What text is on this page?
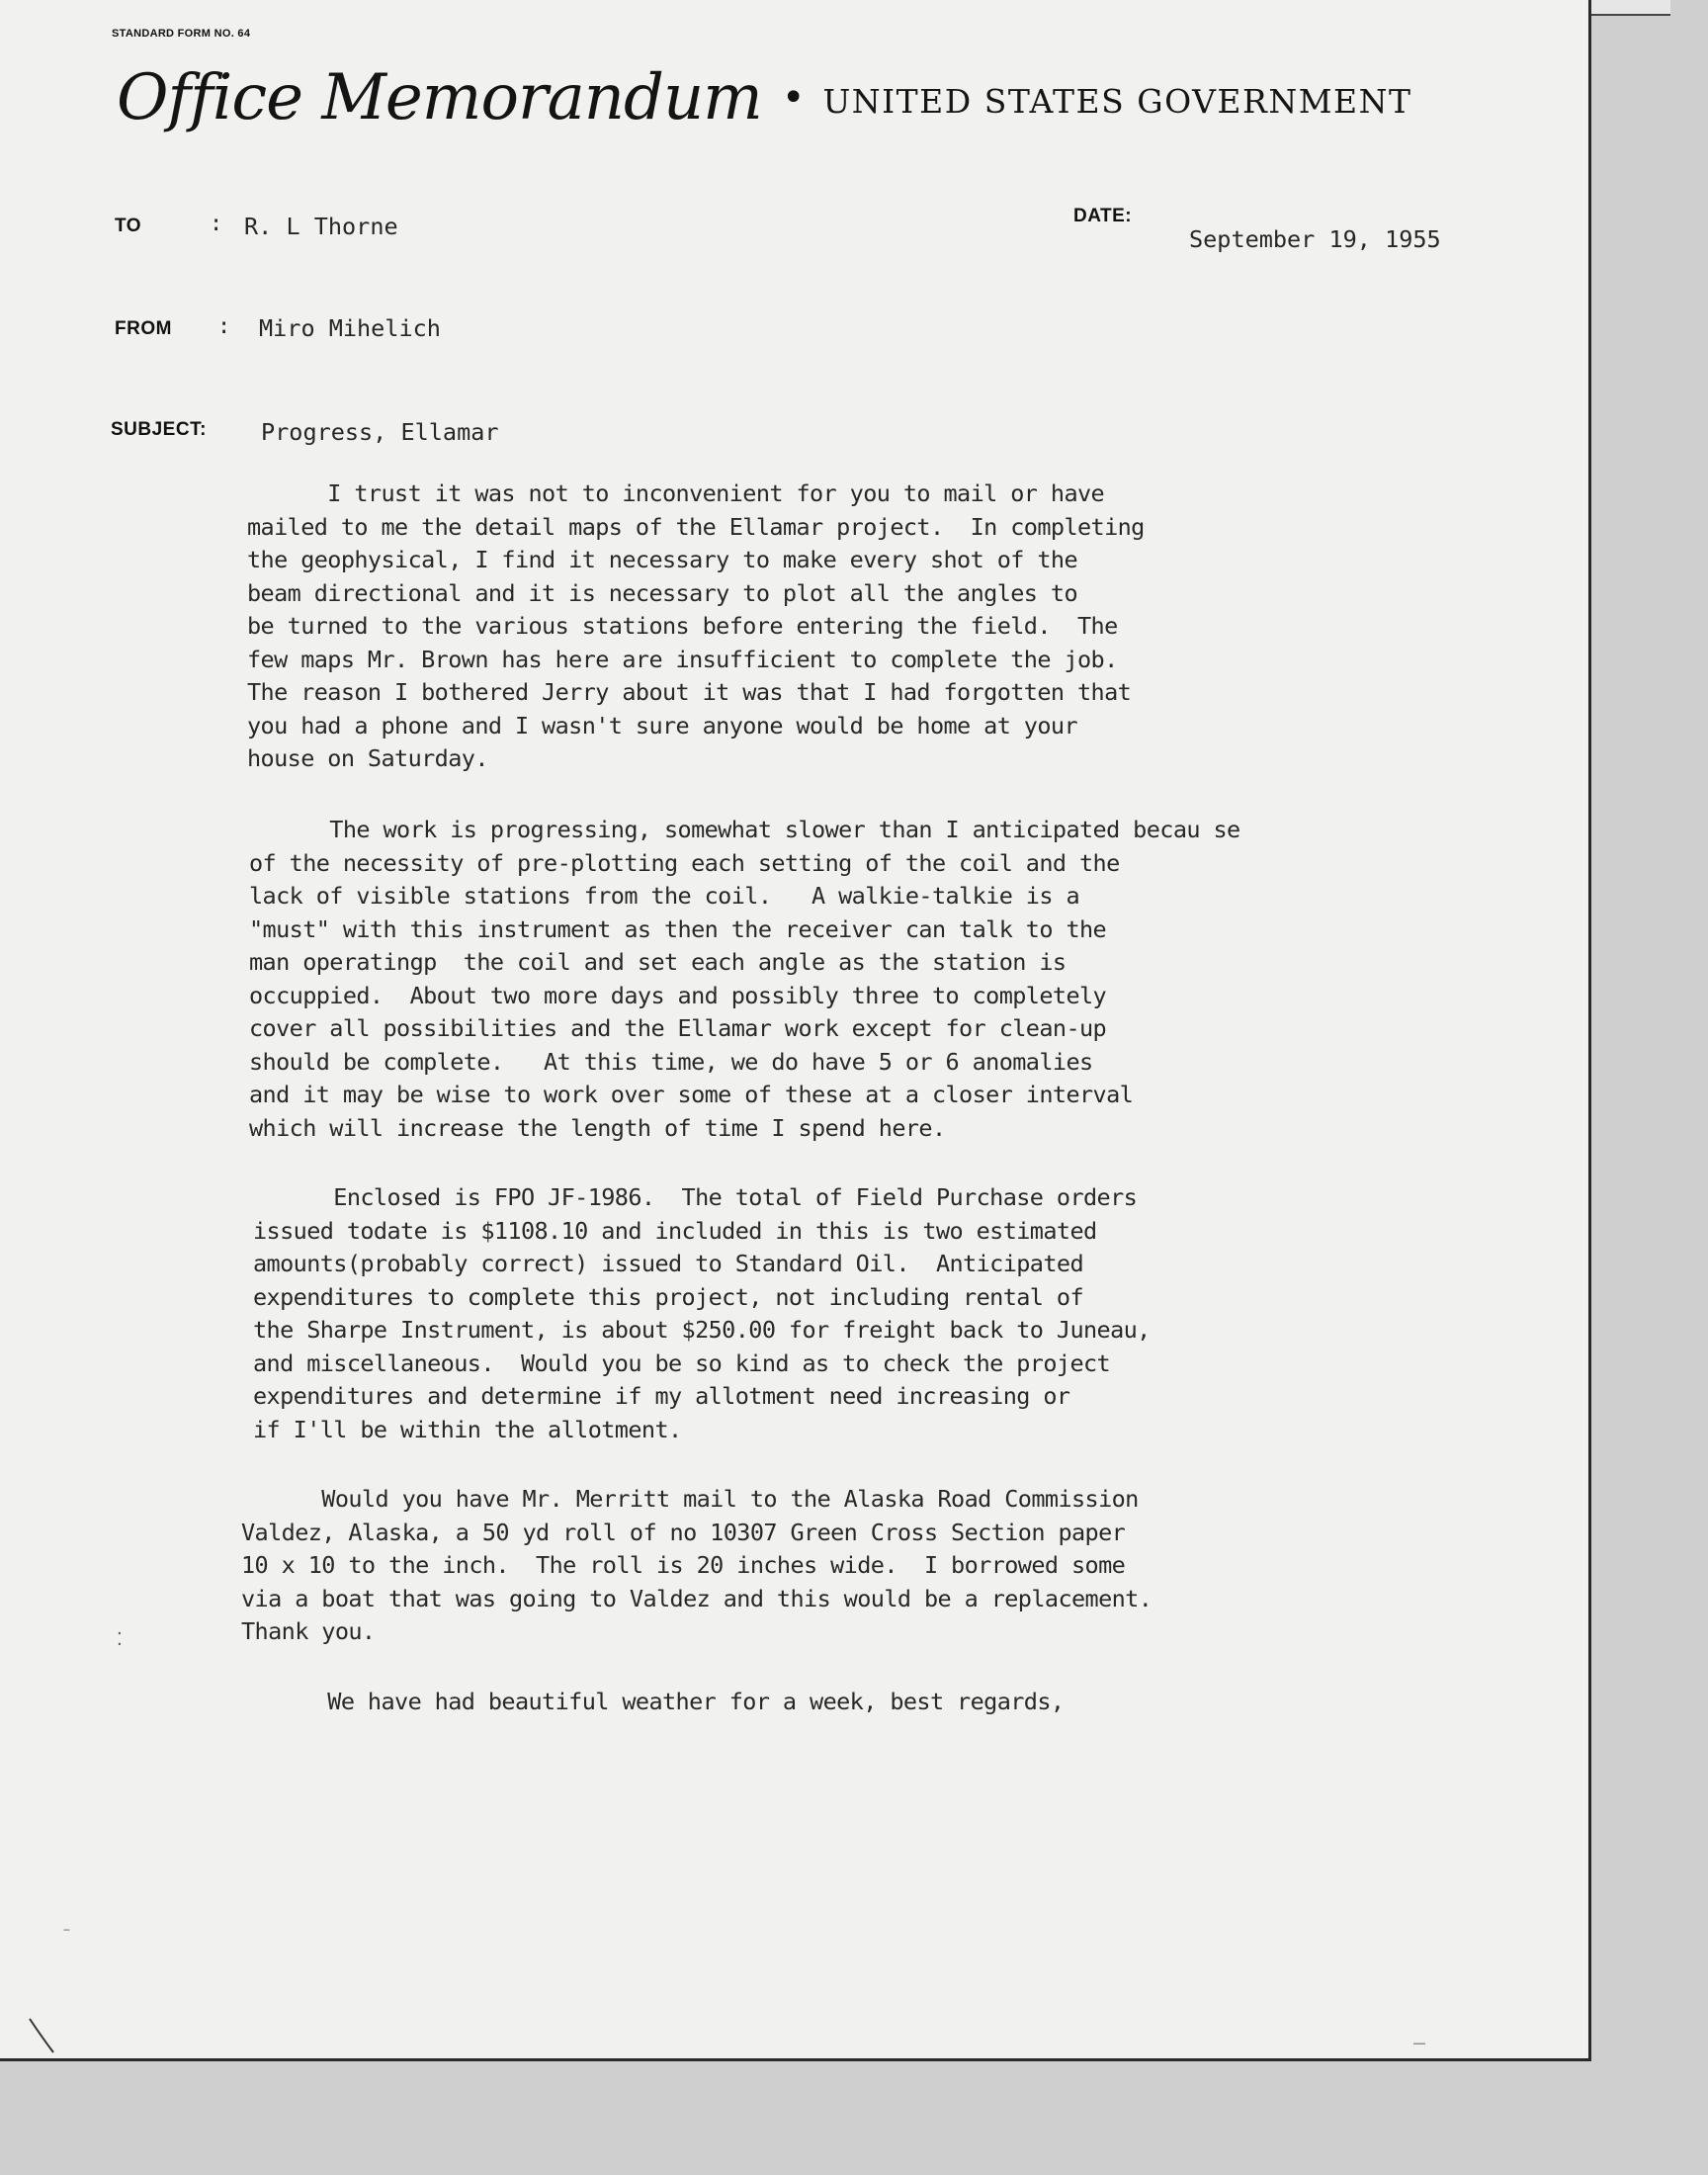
STANDARD FORM NO. 64
Office Memorandum • UNITED STATES GOVERNMENT
TO	: R. L Thorne	DATE:
September 19, 1955
FROM : Miro Mihelich
SUBJECT: Progress, Ellamar
I trust it was not to inconvenient for you to mail or have
mailed to me the detail maps of the Ellamar project.  In completing
the geophysical, I find it necessary to make every shot of the
beam directional and it is necessary to plot all the angles to
be turned to the various stations before entering the field.  The
few maps Mr. Brown has here are insufficient to complete the job.
The reason I bothered Jerry about it was that I had forgotten that
you had a phone and I wasn't sure anyone would be home at your
house on Saturday.
The work is progressing, somewhat slower than I anticipated becau se
of the necessity of pre-plotting each setting of the coil and the
lack of visible stations from the coil.   A walkie-talkie is a
"must" with this instrument as then the receiver can talk to the
man operatingp  the coil and set each angle as the station is
occuppied.  About two more days and possibly three to completely
cover all possibilities and the Ellamar work except for clean-up
should be complete.   At this time, we do have 5 or 6 anomalies
and it may be wise to work over some of these at a closer interval
which will increase the length of time I spend here.
Enclosed is FPO JF-1986.  The total of Field Purchase orders
issued todate is $1108.10 and included in this is two estimated
amounts(probably correct) issued to Standard Oil.  Anticipated
expenditures to complete this project, not including rental of
the Sharpe Instrument, is about $250.00 for freight back to Juneau,
and miscellaneous.  Would you be so kind as to check the project
expenditures and determine if my allotment need increasing or
if I'll be within the allotment.
Would you have Mr. Merritt mail to the Alaska Road Commission
Valdez, Alaska, a 50 yd roll of no 10307 Green Cross Section paper
10 x 10 to the inch.  The roll is 20 inches wide.  I borrowed some
via a boat that was going to Valdez and this would be a replacement.
Thank you.
We have had beautiful weather for a week, best regards,
⁚
⁻
……
